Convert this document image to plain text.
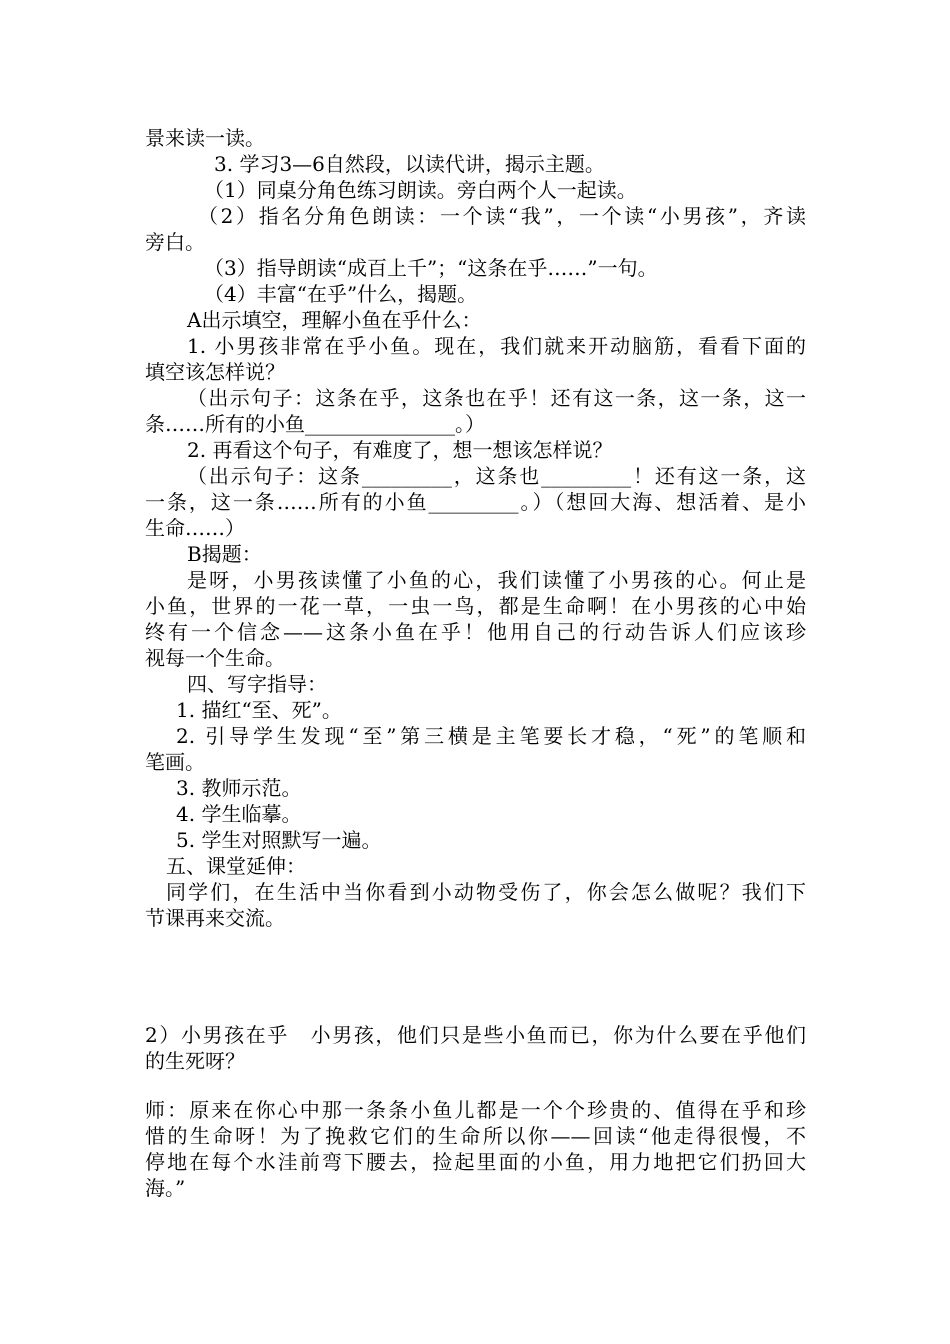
景来读一读。

3. 学习3—6自然段，以读代讲，揭示主题。

（1）同桌分角色练习朗读。旁白两个人一起读。

（2）指名分角色朗读：一个读“我”，一个读“小男孩”，齐读

旁白。

（3）指导朗读“成百上千”；“这条在乎……”一句。

（4）丰富“在乎”什么，揭题。

A出示填空，理解小鱼在乎什么：

1. 小男孩非常在乎小鱼。现在，我们就来开动脑筋，看看下面的

填空该怎样说？

（出示句子：这条在乎，这条也在乎！还有这一条，这一条，这一

条……所有的小鱼_______________。）

2. 再看这个句子，有难度了，想一想该怎样说？

（出示句子：这条_________，这条也_________！还有这一条，这

一条，这一条……所有的小鱼_________。）（想回大海、想活着、是小

生命……）

B揭题：

是呀，小男孩读懂了小鱼的心，我们读懂了小男孩的心。何止是

小鱼，世界的一花一草，一虫一鸟，都是生命啊！在小男孩的心中始

终有一个信念——这条小鱼在乎！他用自己的行动告诉人们应该珍

视每一个生命。

四、写字指导：

1. 描红“至、死”。

2. 引导学生发现“至”第三横是主笔要长才稳，“死”的笔顺和

笔画。

3. 教师示范。

4. 学生临摹。

5. 学生对照默写一遍。

五、课堂延伸：

同学们，在生活中当你看到小动物受伤了，你会怎么做呢？我们下

节课再来交流。

2）小男孩在乎　小男孩，他们只是些小鱼而已，你为什么要在乎他们

的生死呀？

师：原来在你心中那一条条小鱼儿都是一个个珍贵的、值得在乎和珍

惜的生命呀！为了挽救它们的生命所以你——回读“他走得很慢，不

停地在每个水洼前弯下腰去，捡起里面的小鱼，用力地把它们扔回大

海。”
